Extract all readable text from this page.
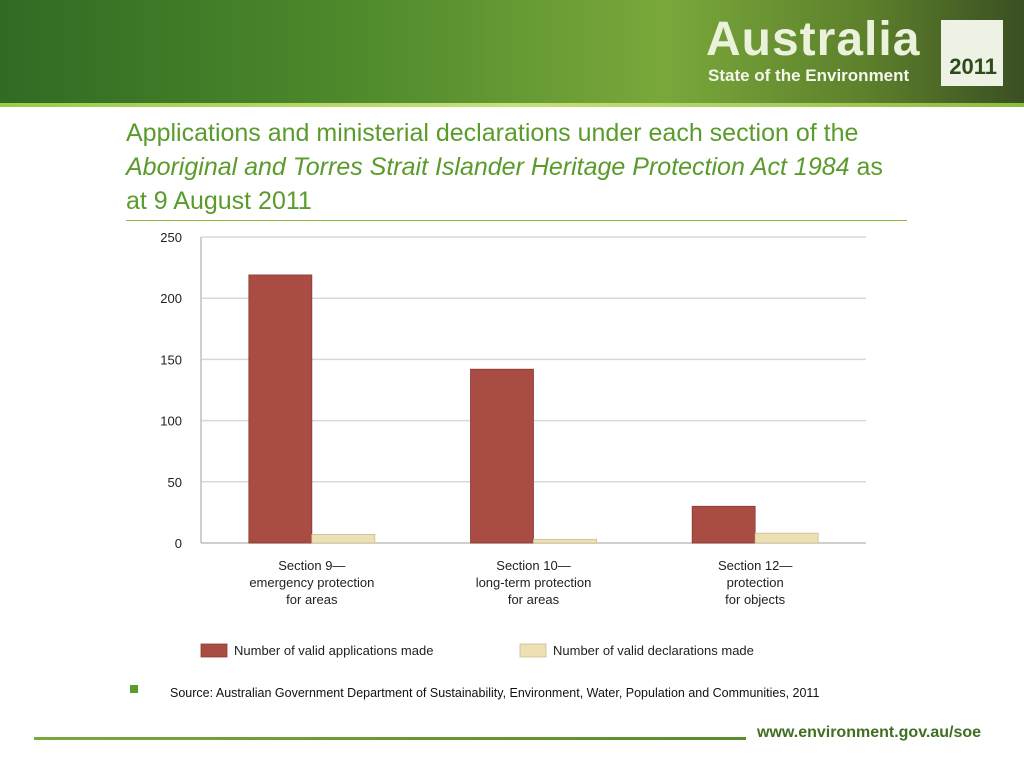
Australia
State of the Environment 2011
Applications and ministerial declarations under each section of the Aboriginal and Torres Strait Islander Heritage Protection Act 1984 as at 9 August 2011
0
50
100
150
200
250
Section 9—
emergency protection
for areas
Section 10—
long-term protection
for areas
Section 12—
protection
for objects
Number of valid applications made	Number of valid declarations made
Source: Australian Government Department of Sustainability, Environment, Water, Population and Communities, 2011
www.environment.gov.au/soe
